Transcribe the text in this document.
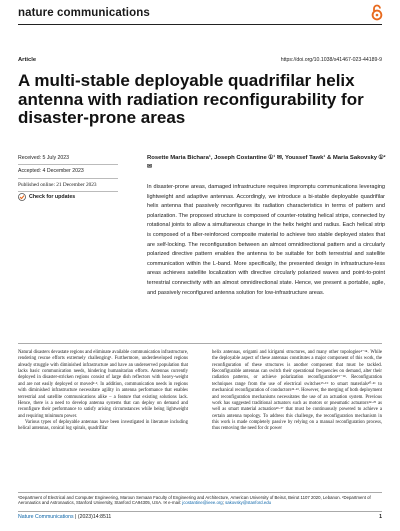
nature communications
Article	https://doi.org/10.1038/s41467-023-44189-9
A multi-stable deployable quadrifilar helix antenna with radiation reconfigurability for disaster-prone areas
Received: 5 July 2023
Accepted: 4 December 2023
Published online: 21 December 2023
Check for updates
Rosette Maria Bichara¹, Joseph Costantine ①¹ ✉, Youssef Tawk¹ & Maria Sakovsky ①² ✉
In disaster-prone areas, damaged infrastructure requires impromptu communications leveraging lightweight and adaptive antennas. Accordingly, we introduce a bi-stable deployable quadrifilar helix antenna that passively reconfigures its radiation characteristics in terms of pattern and polarization. The proposed structure is composed of counter-rotating helical strips, connected by rotational joints to allow a simultaneous change in the helix height and radius. Each helical strip is composed of a fiber-reinforced composite material to achieve two stable deployed states that are self-locking. The reconfiguration between an almost omnidirectional pattern and a circularly polarized directive pattern enables the antenna to be suitable for both terrestrial and satellite communication within the L-band. More specifically, the presented design in infrastructure-less areas achieves satellite localization with directive circularly polarized waves and point-to-point terrestrial connectivity with an almost omnidirectional state. Hence, we present a portable, agile, and passively reconfigured antenna solution for low-infrastructure areas.

Natural disasters devastate regions and eliminate available communication infrastructure, rendering rescue efforts extremely challenging¹. Furthermore, underdeveloped regions already struggle with diminished infrastructure and have an underserved population that lacks basic communication needs, hindering humanitarian efforts. Antennas currently deployed in disaster-stricken regions consist of large dish reflectors with heavy-weight and are not easily deployed or moved²·³. In addition, communication needs in regions with diminished infrastructure necessitate agility in antenna performance that enables terrestrial and satellite communications alike – a feature that existing solutions lack. Hence, there is a need to develop antenna systems that can deploy on demand and reconfigure their performance to satisfy arising circumstances while being lightweight and requiring minimum power.

Various types of deployable antennas have been investigated in literature including helical antennas, conical log spirals, quadrifilar

helix antennas, origami and kirigami structures, and many other topologies⁴⁻¹⁴. While the deployable aspect of these antennas constitutes a major component of this work, the reconfiguration of these structures is another component that must be tackled. Reconfigurable antennas can switch their operational frequencies on demand, alter their radiation patterns, or achieve polarization reconfiguration¹⁵⁻¹⁸. Reconfiguration techniques range from the use of electrical switches¹⁵·¹⁹ to smart materials²⁰·²¹ to mechanical reconfiguration of conductors²²·²³. However, the merging of both deployment and reconfiguration mechanisms necessitates the use of an actuation system. Previous work has suggested traditional actuators such as motors or pneumatic actuators²⁴·²⁵ as well as smart material actuation²⁶·²⁷ that must be continuously powered to achieve a certain antenna topology. To address this challenge, the reconfiguration mechanism in this work is made completely passive by relying on a manual reconfiguration process, thus removing the need for dc power

¹Department of Electrical and Computer Engineering, Maroun Semaan Faculty of Engineering and Architecture, American University of Beirut, Beirut 1107 2020, Lebanon. ²Department of Aeronautics and Astronautics, Stanford University, Stanford CA94305, USA. ✉ e-mail: jcostantine@ieee.org; sakovsky@stanford.edu
Nature Communications | (2023)14:8511	1
